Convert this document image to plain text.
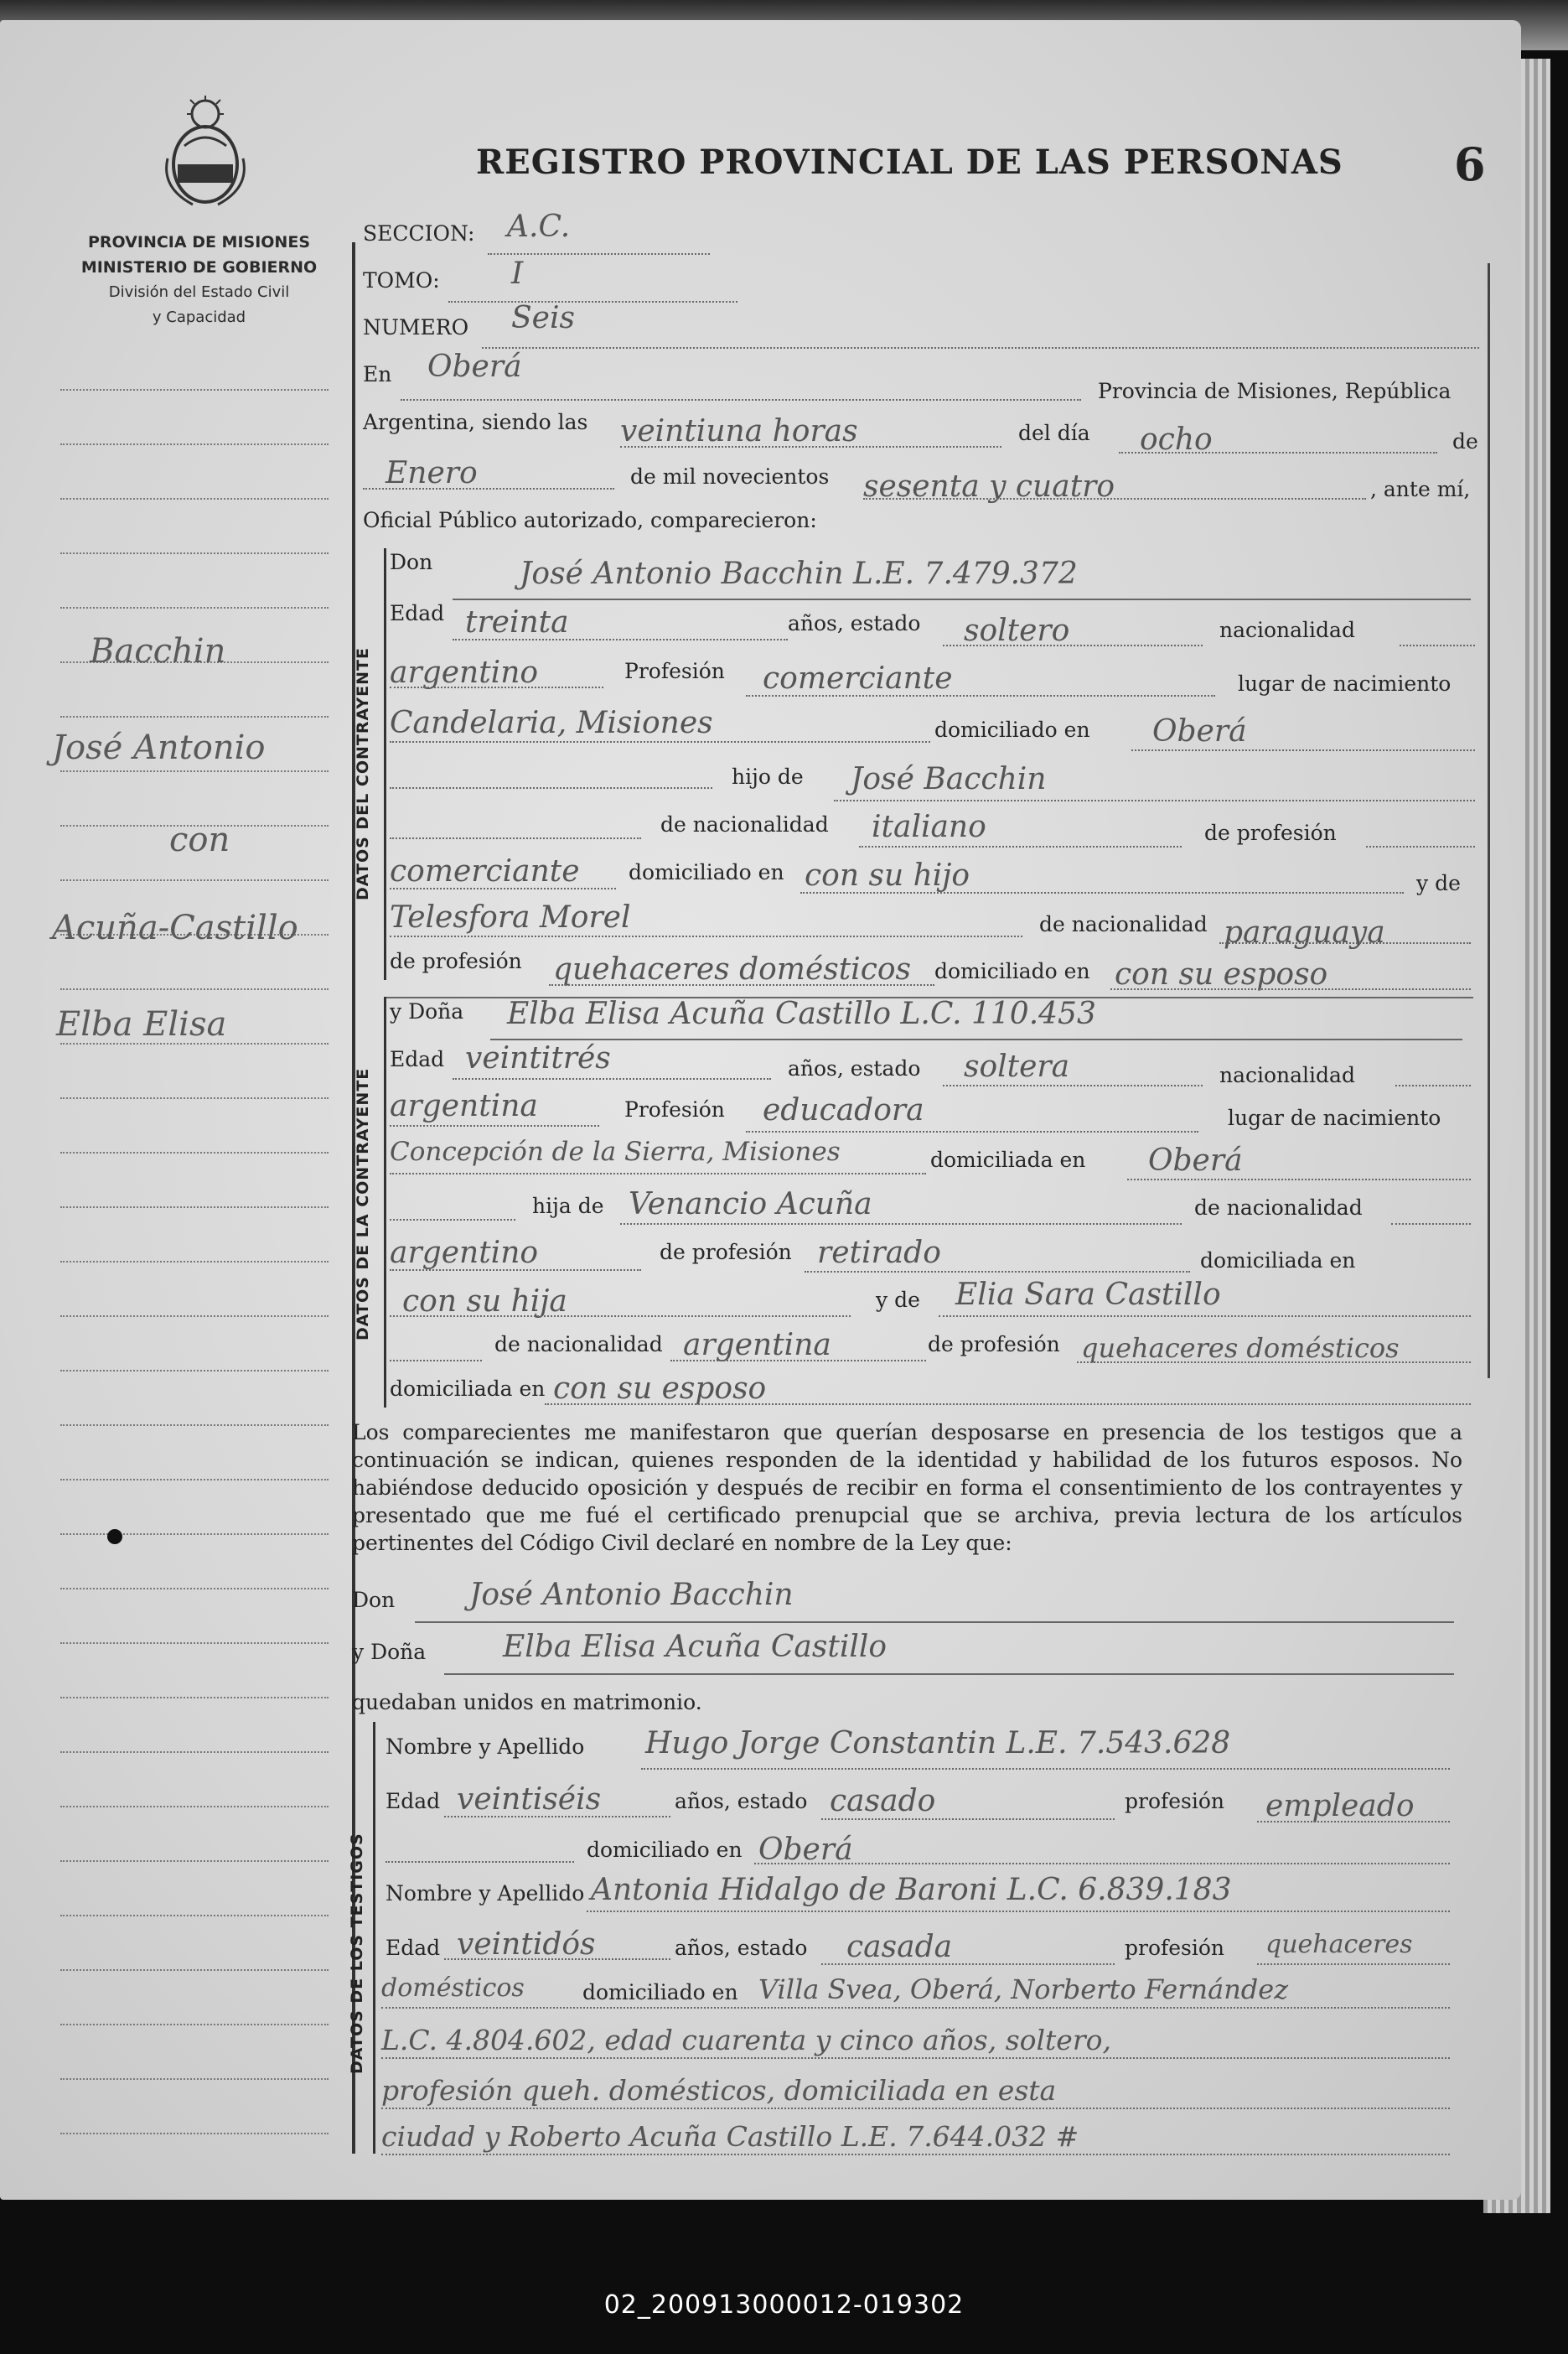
PROVINCIA DE MISIONES
MINISTERIO DE GOBIERNO
División del Estado Civil
y Capacidad
REGISTRO PROVINCIAL DE LAS PERSONAS 6
Bacchin
José Antonio
con
Acuña-Castillo
Elba Elisa
SECCION: A.C.
TOMO: I
NUMERO Seis
En Oberá
Provincia de Misiones, República
Argentina, siendo las veintiuna horas	del día ocho	de
Enero	de mil novecientos sesenta y cuatro	, ante mí,
Oficial Público autorizado, comparecieron:
DATOS DEL CONTRAYENTE
Don	José Antonio Bacchin L.E. 7.479.372
Edad treinta	años, estado soltero	nacionalidad
argentino	Profesión comerciante	lugar de nacimiento
Candelaria, Misiones	domiciliado en Oberá
hijo de José Bacchin
de nacionalidad italiano	de profesión
comerciante domiciliado en con su hijo	y de
Telesfora Morel	de nacionalidad paraguaya
de profesión quehaceres domésticos domiciliado en con su esposo
DATOS DE LA CONTRAYENTE
y Doña Elba Elisa Acuña Castillo L.C. 110.453
Edad veintitrés	años, estado soltera	nacionalidad
argentina	Profesión educadora	lugar de nacimiento
Concepción de la Sierra, Misiones	domiciliada en Oberá
hija de Venancio Acuña	de nacionalidad
argentino	de profesión retirado	domiciliada en
con su hija	y de Elia Sara Castillo
de nacionalidad argentina	de profesión quehaceres domésticos
domiciliada en con su esposo
Los comparecientes me manifestaron que querían desposarse en presencia de los testigos que a continuación se indican, quienes responden de la identidad y habilidad de los futuros esposos. No habiéndose deducido oposición y después de recibir en forma el consentimiento de los contrayentes y presentado que me fué el certificado prenupcial que se archiva, previa lectura de los artículos pertinentes del Código Civil declaré en nombre de la Ley que:
Don José Antonio Bacchin
y Doña	Elba Elisa Acuña Castillo
quedaban unidos en matrimonio.
DATOS DE LOS TESTIGOS
Nombre y Apellido Hugo Jorge Constantin L.E. 7.543.628
Edad veintiséis	años, estado casado	profesión empleado
domiciliado en Oberá
Nombre y Apellido Antonia Hidalgo de Baroni L.C. 6.839.183
Edad veintidós	años, estado casada	profesión quehaceres
domésticos	domiciliado en Villa Svea, Oberá, Norberto Fernández
L.C. 4.804.602, edad cuarenta y cinco años, soltero,
profesión queh. domésticos, domiciliada en esta
ciudad y Roberto Acuña Castillo L.E. 7.644.032 #
02_200913000012-019302
